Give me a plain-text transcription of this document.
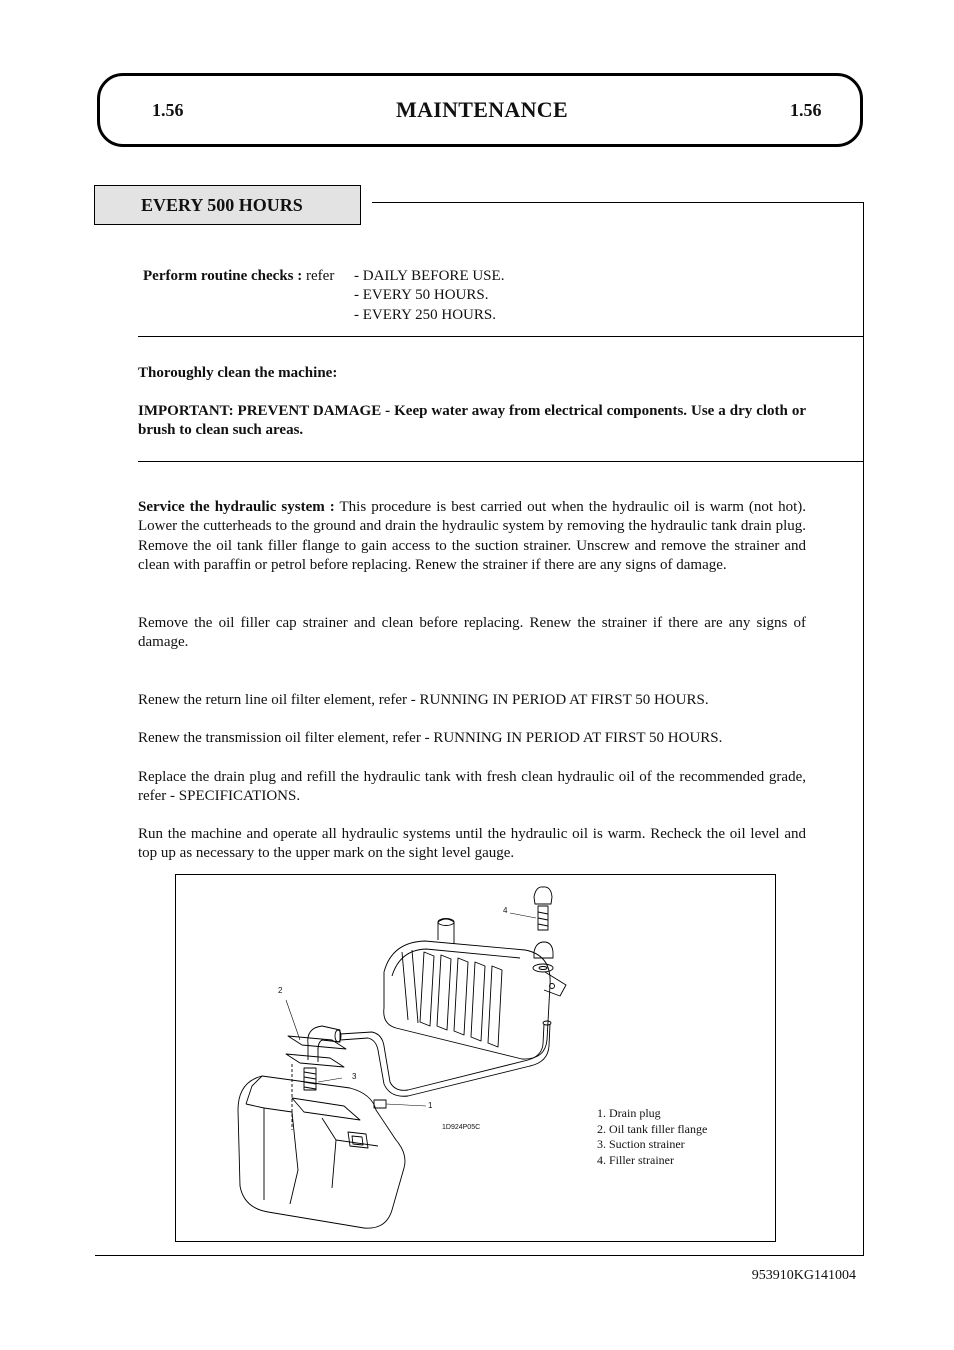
1.56	MAINTENANCE	1.56
EVERY 500 HOURS
Perform routine checks : refer - DAILY BEFORE USE.
- EVERY 50 HOURS.
- EVERY 250 HOURS.
Thoroughly clean the machine:
IMPORTANT: PREVENT DAMAGE - Keep water away from electrical components. Use a dry cloth or brush to clean such areas.
Service the hydraulic system : This procedure is best carried out when the hydraulic oil is warm (not hot). Lower the cutterheads to the ground and drain the hydraulic system by removing the hydraulic tank drain plug. Remove the oil tank filler flange to gain access to the suction strainer. Unscrew and remove the strainer and clean with paraffin or petrol before replacing. Renew the strainer if there are any signs of damage.
Remove the oil filler cap strainer and clean before replacing. Renew the strainer if there are any signs of damage.
Renew the return line oil filter element, refer - RUNNING IN PERIOD AT FIRST 50 HOURS.
Renew the transmission oil filter element, refer - RUNNING IN PERIOD AT FIRST 50 HOURS.
Replace the drain plug and refill the hydraulic tank with fresh clean hydraulic oil of the recommended grade, refer - SPECIFICATIONS.
Run the machine and operate all hydraulic systems until the hydraulic oil is warm. Recheck the oil level and top up as necessary to the upper mark on the sight level gauge.
4
2
3
1
1D924P05C
1. Drain plug
2. Oil tank filler flange
3. Suction strainer
4. Filler strainer
953910KG141004
